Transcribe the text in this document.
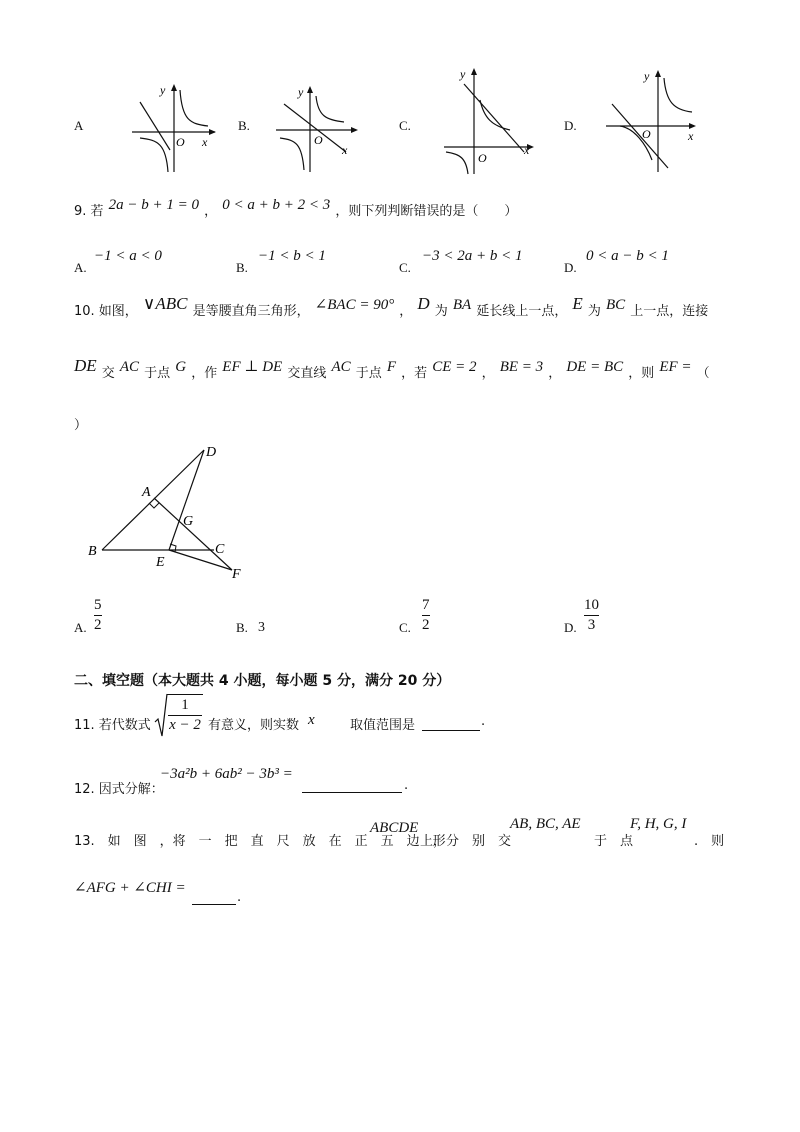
A
y
x
O
B.
y
x
O
C.
y
x
O
D.
y
x
O
9. 若 2a − b + 1 = 0 ， 0 < a + b + 2 < 3 ，则下列判断错误的是（　　）
A.
−1 < a < 0
B.
−1 < b < 1
C.
−3 < 2a + b < 1
D.
0 < a − b < 1
10. 如图， ∨ABC 是等腰直角三角形， ∠BAC = 90° ， D 为 BA 延长线上一点， E 为 BC 上一点，连接
DE 交 AC 于点 G ，作 EF ⊥ DE 交直线 AC 于点 F ，若 CE = 2 ， BE = 3 ， DE = BC ，则 EF = （
）
A
B	C
D
E
F
G
A.
5
2	B. 3	C.
7
2	D.
10
3
二、填空题（本大题共 4 小题，每小题 5 分，满分 20 分）
11. 若代数式
1
x − 2 有意义，则实数 x	取值范围是	.
12. 因式分解：
−3a²b + 6ab² − 3b³ =
.
13.　如　图　，将　一　把　直　尺　放　在　正　五　边　形
ABCDE
上，分　别　交
AB, BC, AE
于　点
F, H, G, I
.　则
∠AFG + ∠CHI =
.
